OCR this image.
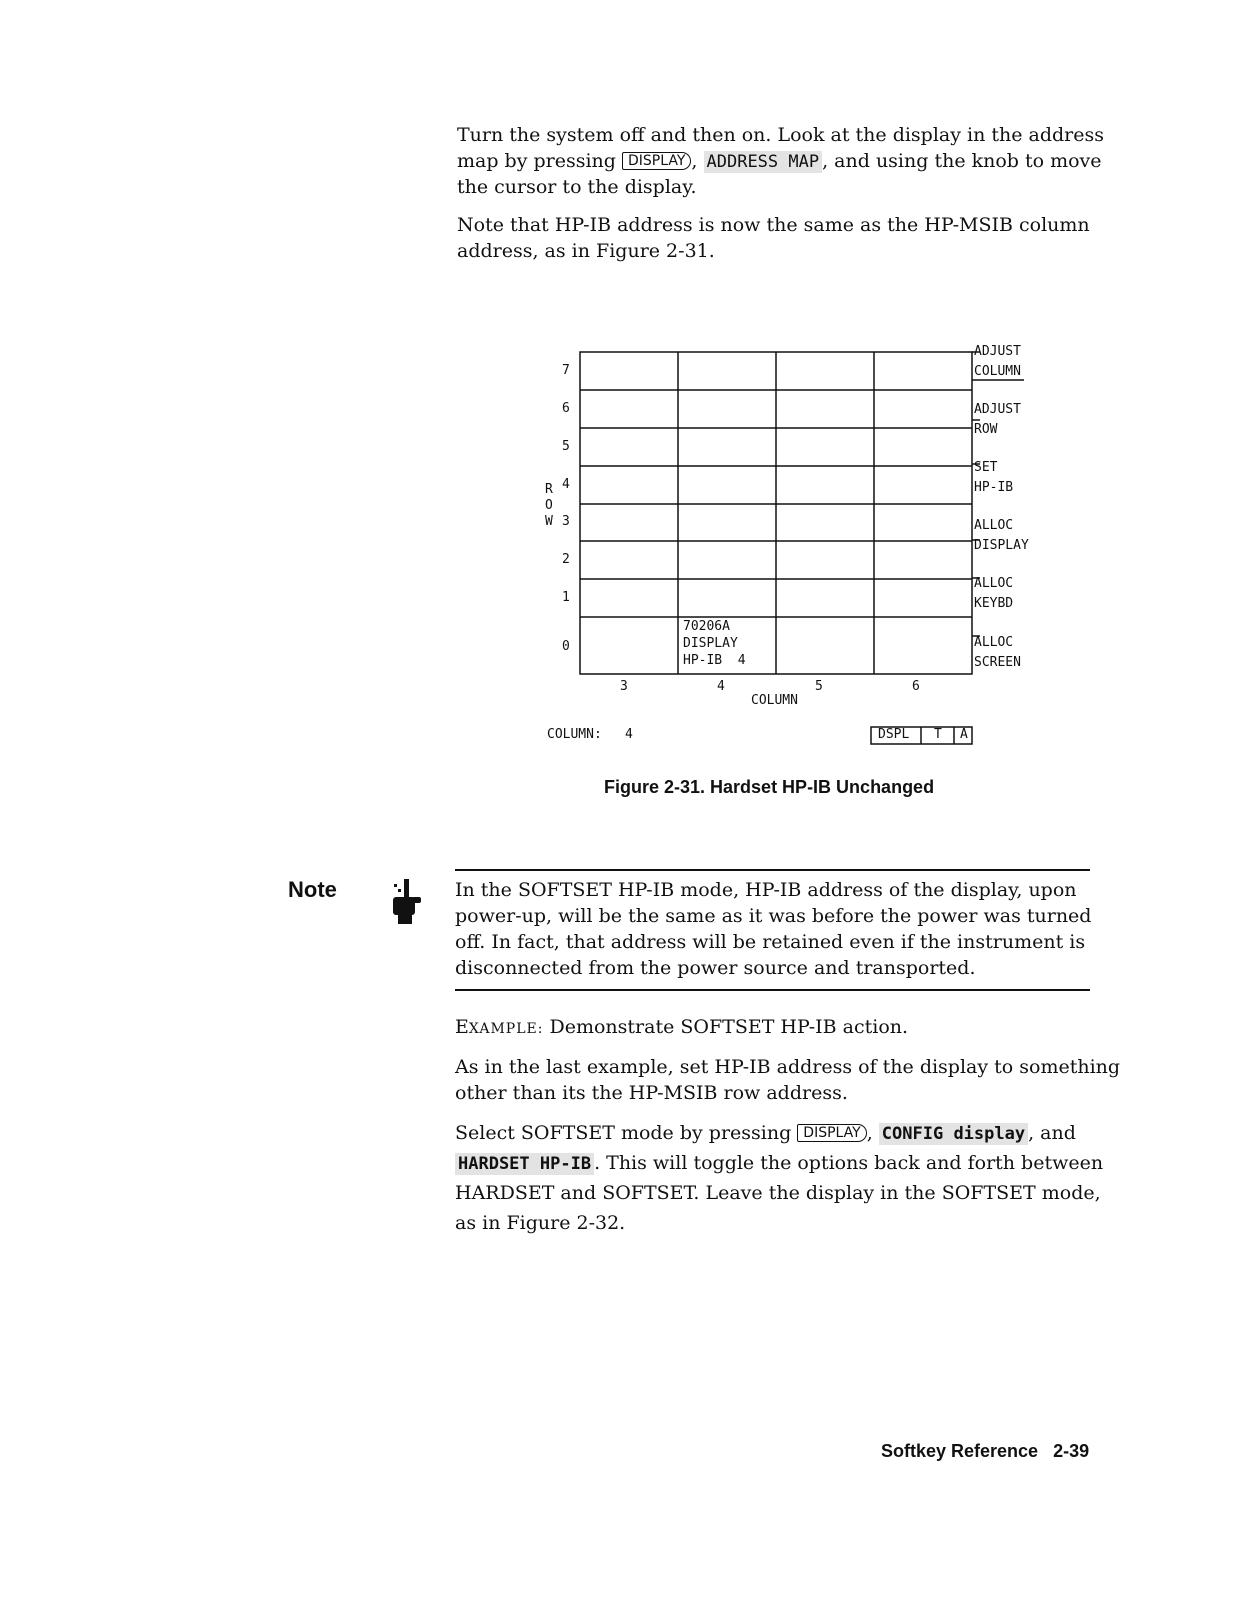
Turn the system off and then on. Look at the display in the address map by pressing DISPLAY , ADDRESS MAP , and using the knob to move the cursor to the display.

Note that HP-IB address is now the same as the HP-MSIB column address, as in Figure 2-31.

7
6
5
4
3
2
1
0
R
O
W
70206A
DISPLAY
HP-IB  4
3	4	5	6
COLUMN
ADJUST
COLUMN
ADJUST
ROW
SET
HP-IB
ALLOC
DISPLAY
ALLOC
KEYBD
ALLOC
SCREEN
COLUMN: 4	DSPL T A
Figure 2-31. Hardset HP-IB Unchanged
Note	In the SOFTSET HP-IB mode, HP-IB address of the display, upon power-up, will be the same as it was before the power was turned off. In fact, that address will be retained even if the instrument is disconnected from the power source and transported.

EXAMPLE: Demonstrate SOFTSET HP-IB action.

As in the last example, set HP-IB address of the display to something other than its the HP-MSIB row address.

Select SOFTSET mode by pressing DISPLAY , CONFIG display , and HARDSET HP-IB . This will toggle the options back and forth between HARDSET and SOFTSET. Leave the display in the SOFTSET mode, as in Figure 2-32.

Softkey Reference 2-39
